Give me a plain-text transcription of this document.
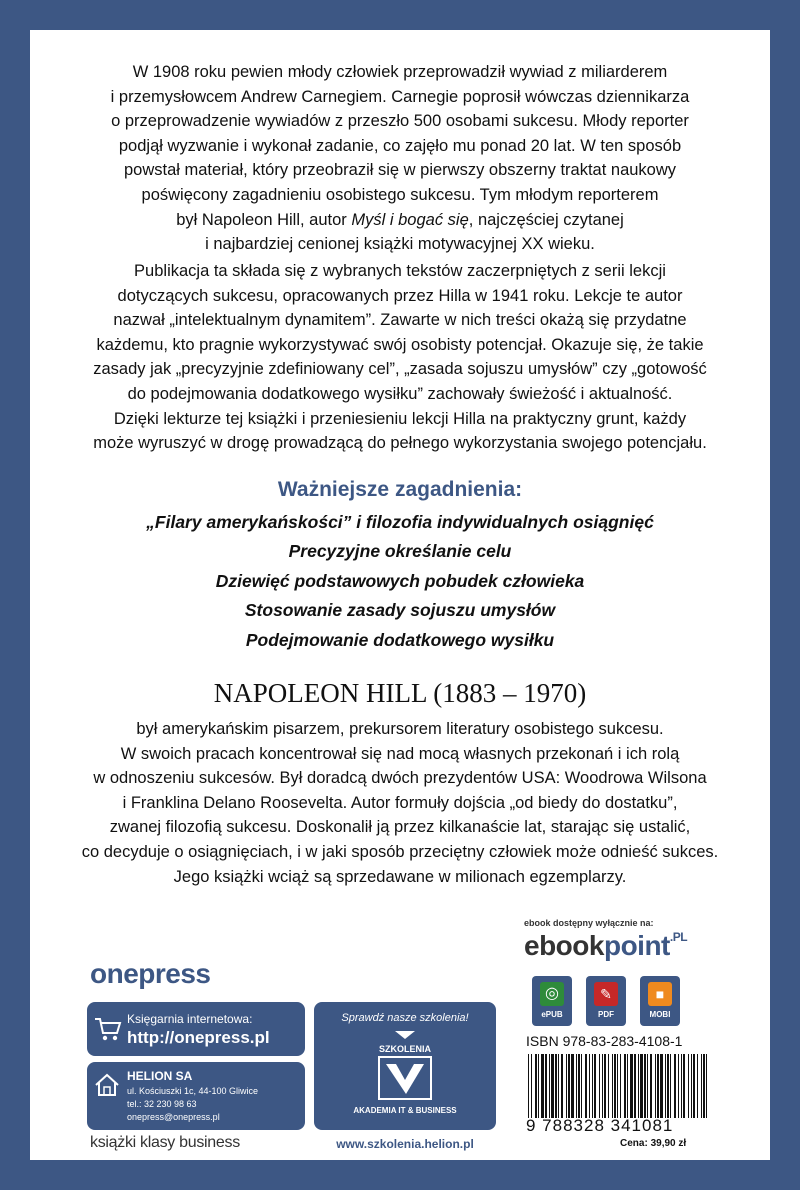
W 1908 roku pewien młody człowiek przeprowadził wywiad z miliarderem
i przemysłowcem Andrew Carnegiem. Carnegie poprosił wówczas dziennikarza
o przeprowadzenie wywiadów z przeszło 500 osobami sukcesu. Młody reporter
podjął wyzwanie i wykonał zadanie, co zajęło mu ponad 20 lat. W ten sposób
powstał materiał, który przeobraził się w pierwszy obszerny traktat naukowy
poświęcony zagadnieniu osobistego sukcesu. Tym młodym reporterem
był Napoleon Hill, autor Myśl i bogać się, najczęściej czytanej
i najbardziej cenionej książki motywacyjnej XX wieku.
Publikacja ta składa się z wybranych tekstów zaczerpniętych z serii lekcji
dotyczących sukcesu, opracowanych przez Hilla w 1941 roku. Lekcje te autor
nazwał „intelektualnym dynamitem”. Zawarte w nich treści okażą się przydatne
każdemu, kto pragnie wykorzystywać swój osobisty potencjał. Okazuje się, że takie
zasady jak „precyzyjnie zdefiniowany cel”, „zasada sojuszu umysłów” czy „gotowość
do podejmowania dodatkowego wysiłku” zachowały świeżość i aktualność.
Dzięki lekturze tej książki i przeniesieniu lekcji Hilla na praktyczny grunt, każdy
może wyruszyć w drogę prowadzącą do pełnego wykorzystania swojego potencjału.
Ważniejsze zagadnienia:
„Filary amerykańskości” i filozofia indywidualnych osiągnięć
Precyzyjne określanie celu
Dziewięć podstawowych pobudek człowieka
Stosowanie zasady sojuszu umysłów
Podejmowanie dodatkowego wysiłku
NAPOLEON HILL (1883 – 1970)
był amerykańskim pisarzem, prekursorem literatury osobistego sukcesu.
W swoich pracach koncentrował się nad mocą własnych przekonań i ich rolą
w odnoszeniu sukcesów. Był doradcą dwóch prezydentów USA: Woodrowa Wilsona
i Franklina Delano Roosevelta. Autor formuły dojścia „od biedy do dostatku”,
zwanej filozofią sukcesu. Doskonalił ją przez kilkanaście lat, starając się ustalić,
co decyduje o osiągnięciach, i w jaki sposób przeciętny człowiek może odnieść sukces.
Jego książki wciąż są sprzedawane w milionach egzemplarzy.
onepress
Księgarnia internetowa:
http://onepress.pl
HELION SA
ul. Kościuszki 1c, 44-100 Gliwice
tel.: 32 230 98 63
onepress@onepress.pl
książki klasy business
Sprawdź nasze szkolenia!
SZKOLENIA
AKADEMIA IT & BUSINESS
www.szkolenia.helion.pl
ebook dostępny wyłącznie na:
ebookpoint$^{.PL}$
◎
ePUB
✎
PDF
■
MOBI
ISBN 978-83-283-4108-1
9 788328 341081
Cena: 39,90 zł
